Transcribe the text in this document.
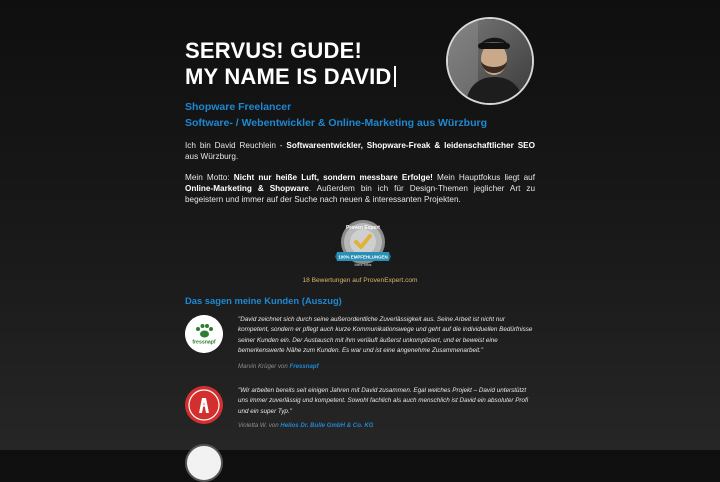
SERVUS! GUDE!
MY NAME IS DAVID

Shopware Freelancer

Software- / Webentwickler & Online-Marketing aus Würzburg

Ich bin David Reuchlein - Softwareentwickler, Shopware-Freak & leidenschaftlicher SEO aus Würzburg.

Mein Motto: Nicht nur heiße Luft, sondern messbare Erfolge! Mein Hauptfokus liegt auf Online-Marketing & Shopware. Außerdem bin ich für Design-Themen jeglicher Art zu begeistern und immer auf der Suche nach neuen & interessanten Projekten.

Proven Expert
100% EMPFEHLUNGEN
Mehr Infos
18 Bewertungen auf ProvenExpert.com

Das sagen meine Kunden (Auszug)

fressnapf

"David zeichnet sich durch seine außerordentliche Zuverlässigkeit aus. Seine Arbeit ist nicht nur kompetent, sondern er pflegt auch kurze Kommunikationswege und geht auf die individuellen Bedürfnisse seiner Kunden ein. Der Austausch mit ihm verläuft äußerst unkompliziert, und er beweist eine bemerkenswerte Nähe zum Kunden. Es war und ist eine angenehme Zusammenarbeit."

Marvin Krüger von Fressnapf

"Wir arbeiten bereits seit einigen Jahren mit David zusammen. Egal welches Projekt – David unterstützt uns immer zuverlässig und kompetent. Sowohl fachlich als auch menschlich ist David ein absoluter Profi und ein super Typ."

Violetta W. von Helios Dr. Bulle GmbH & Co. KG
